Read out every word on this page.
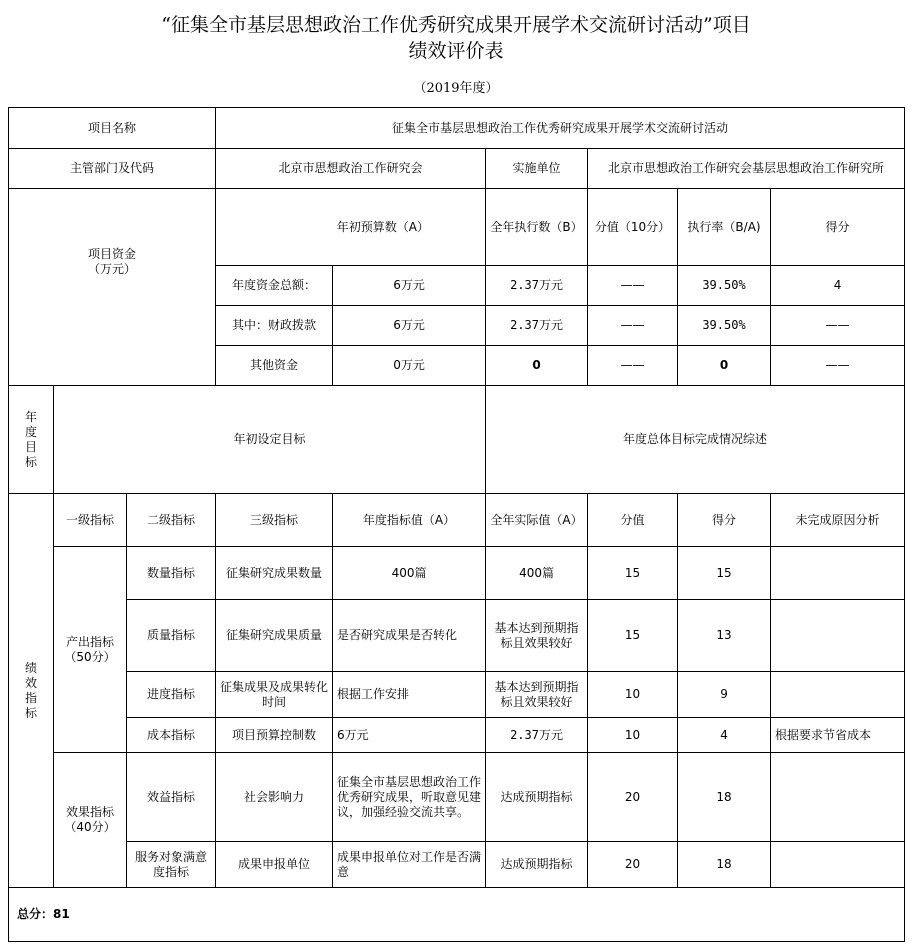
“征集全市基层思想政治工作优秀研究成果开展学术交流研讨活动”项目
绩效评价表
（2019年度）
项目名称			征集全市基层思想政治工作优秀研究成果开展学术交流研讨活动					
主管部门及代码			北京市思想政治工作研究会		实施单位	北京市思想政治工作研究会基层思想政治工作研究所		

项目资金
（万元）			年初预算数（A）		全年执行数（B）	分值（10分）	执行率（B/A)	得分
			年度资金总额：	6万元	2.37万元	——	39.50%	4
			其中：财政拨款	6万元	2.37万元	——	39.50%	——
			其他资金	0万元	0	——	0	——
年度目标	年初设定目标				年度总体目标完成情况综述			
绩效指标	一级指标	二级指标	三级指标	年度指标值（A）	全年实际值（A）	分值	得分	未完成原因分析
	产出指标（50分）	数量指标	征集研究成果数量	400篇	400篇	15	15	
		质量指标	征集研究成果质量	是否研究成果是否转化	基本达到预期指标且效果较好	15	13	
		进度指标	征集成果及成果转化时间	根据工作安排	基本达到预期指标且效果较好	10	9	
		成本指标	项目预算控制数	6万元	2.37万元	10	4	根据要求节省成本
	效果指标（40分）	效益指标	社会影响力	征集全市基层思想政治工作优秀研究成果，听取意见建议，加强经验交流共享。	达成预期指标	20	18	
		服务对象满意度指标	成果申报单位	成果申报单位对工作是否满意	达成预期指标	20	18	
总分：81								
